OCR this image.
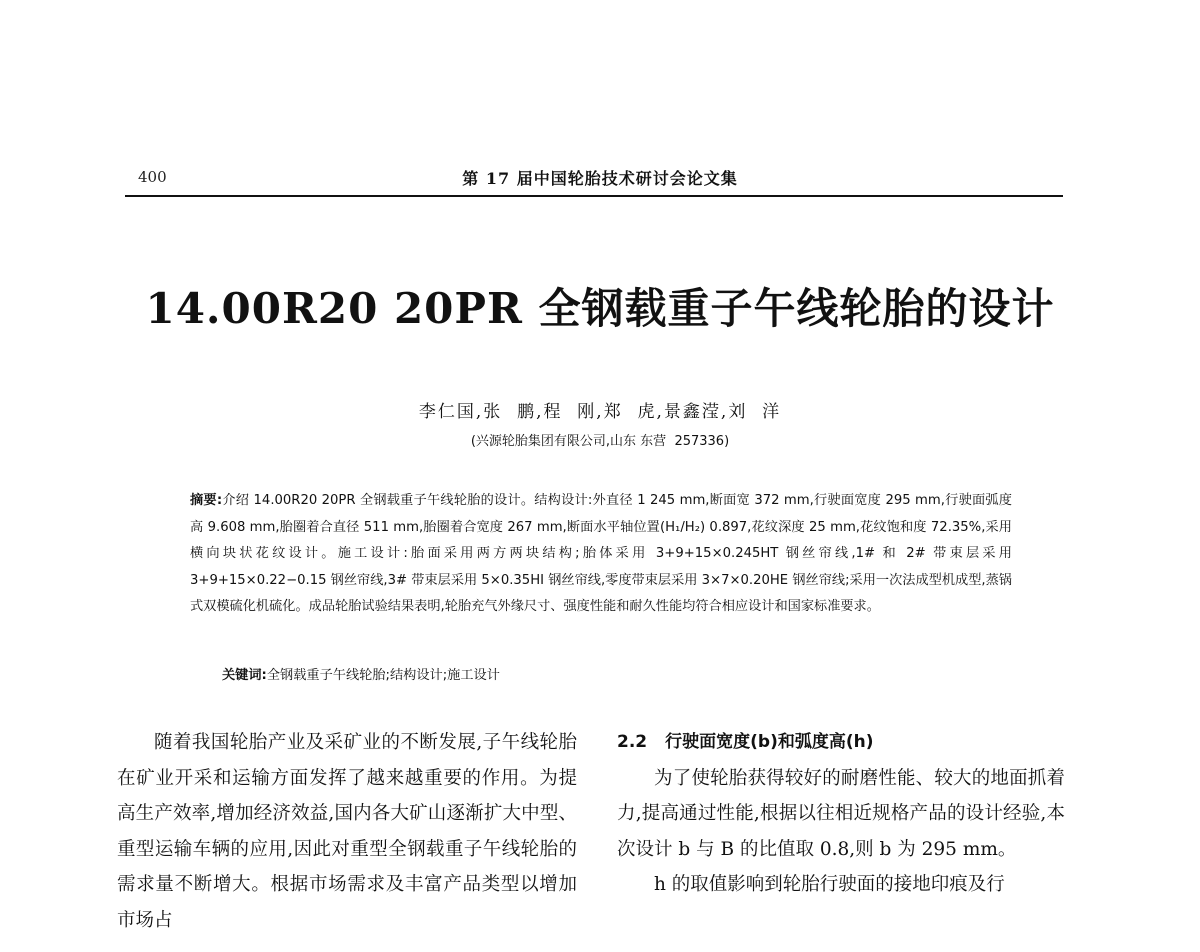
400	第 17 届中国轮胎技术研讨会论文集
14.00R20 20PR 全钢载重子午线轮胎的设计
李仁国,张  鹏,程  刚,郑  虎,景鑫滢,刘  洋
(兴源轮胎集团有限公司,山东 东营  257336)
摘要:介绍 14.00R20 20PR 全钢载重子午线轮胎的设计。结构设计:外直径 1 245 mm,断面宽 372 mm,行驶面宽度 295 mm,行驶面弧度高 9.608 mm,胎圈着合直径 511 mm,胎圈着合宽度 267 mm,断面水平轴位置(H₁/H₂) 0.897,花纹深度 25 mm,花纹饱和度 72.35%,采用横向块状花纹设计。施工设计:胎面采用两方两块结构;胎体采用 3+9+15×0.245HT 钢丝帘线,1# 和 2# 带束层采用 3+9+15×0.22−0.15 钢丝帘线,3# 带束层采用 5×0.35HI 钢丝帘线,零度带束层采用 3×7×0.20HE 钢丝帘线;采用一次法成型机成型,蒸锅式双模硫化机硫化。成品轮胎试验结果表明,轮胎充气外缘尺寸、强度性能和耐久性能均符合相应设计和国家标准要求。
关键词:全钢载重子午线轮胎;结构设计;施工设计

随着我国轮胎产业及采矿业的不断发展,子午线轮胎在矿业开采和运输方面发挥了越来越重要的作用。为提高生产效率,增加经济效益,国内各大矿山逐渐扩大中型、重型运输车辆的应用,因此对重型全钢载重子午线轮胎的需求量不断增大。根据市场需求及丰富产品类型以增加市场占

2.2 行驶面宽度(b)和弧度高(h)

为了使轮胎获得较好的耐磨性能、较大的地面抓着力,提高通过性能,根据以往相近规格产品的设计经验,本次设计 b 与 B 的比值取 0.8,则 b 为 295 mm。

h 的取值影响到轮胎行驶面的接地印痕及行
